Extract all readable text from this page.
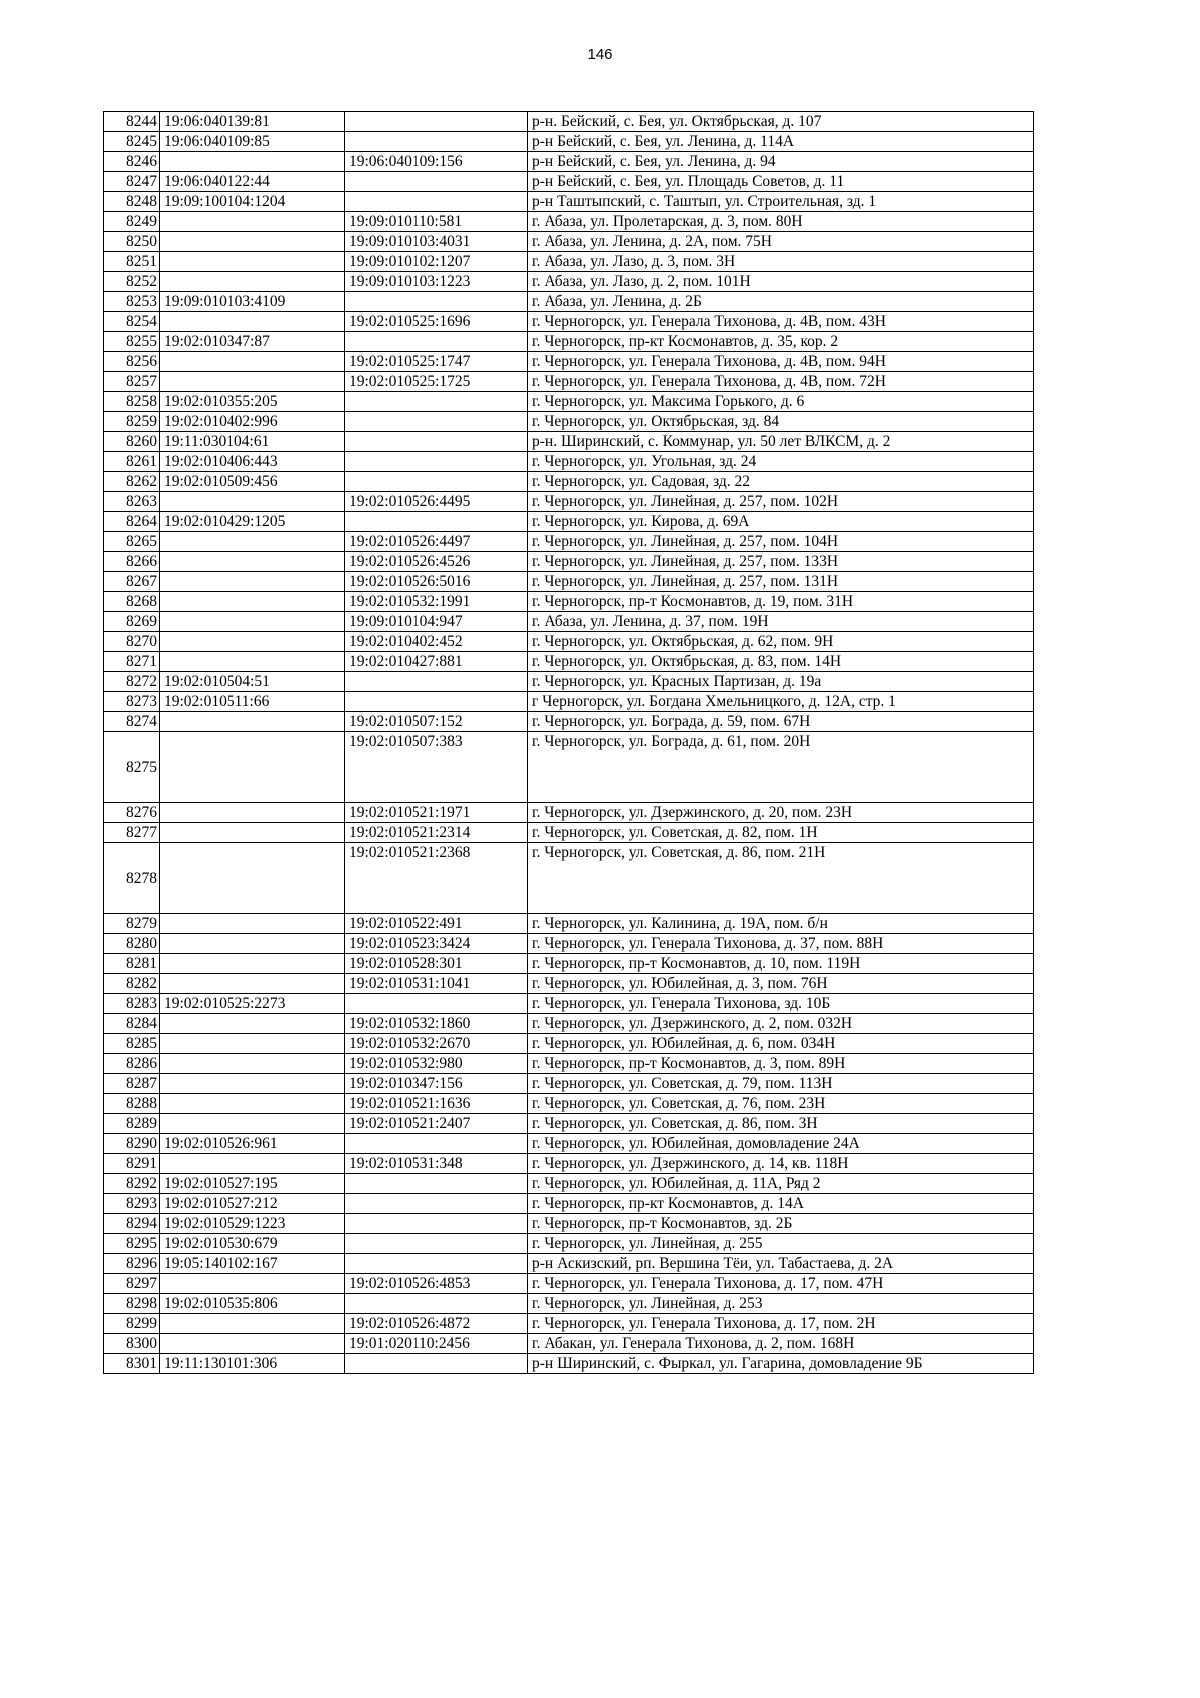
146
8244	19:06:040139:81		р-н. Бейский, с. Бея, ул. Октябрьская, д. 107
8245	19:06:040109:85		р-н Бейский, с. Бея, ул. Ленина, д. 114А
8246		19:06:040109:156	р-н Бейский, с. Бея, ул. Ленина, д. 94
8247	19:06:040122:44		р-н Бейский, с. Бея, ул. Площадь Советов, д. 11
8248	19:09:100104:1204		р-н Таштыпский, с. Таштып, ул. Строительная, зд. 1
8249		19:09:010110:581	г. Абаза, ул. Пролетарская, д. 3, пом. 80Н
8250		19:09:010103:4031	г. Абаза, ул. Ленина, д. 2А, пом. 75Н
8251		19:09:010102:1207	г. Абаза, ул. Лазо, д. 3, пом. 3Н
8252		19:09:010103:1223	г. Абаза, ул. Лазо, д. 2, пом. 101Н
8253	19:09:010103:4109		г. Абаза, ул. Ленина, д. 2Б
8254		19:02:010525:1696	г. Черногорск, ул. Генерала Тихонова, д. 4В, пом. 43Н
8255	19:02:010347:87		г. Черногорск, пр-кт Космонавтов, д. 35, кор. 2
8256		19:02:010525:1747	г. Черногорск, ул. Генерала Тихонова, д. 4В, пом. 94Н
8257		19:02:010525:1725	г. Черногорск, ул. Генерала Тихонова, д. 4В, пом. 72Н
8258	19:02:010355:205		г. Черногорск, ул. Максима Горького, д. 6
8259	19:02:010402:996		г. Черногорск, ул. Октябрьская, зд. 84
8260	19:11:030104:61		р-н. Ширинский, с. Коммунар, ул. 50 лет ВЛКСМ, д. 2
8261	19:02:010406:443		г. Черногорск, ул. Угольная, зд. 24
8262	19:02:010509:456		г. Черногорск, ул. Садовая, зд. 22
8263		19:02:010526:4495	г. Черногорск, ул. Линейная, д. 257, пом. 102Н
8264	19:02:010429:1205		г. Черногорск, ул. Кирова, д. 69А
8265		19:02:010526:4497	г. Черногорск, ул. Линейная, д. 257, пом. 104Н
8266		19:02:010526:4526	г. Черногорск, ул. Линейная, д. 257, пом. 133Н
8267		19:02:010526:5016	г. Черногорск, ул. Линейная, д. 257, пом. 131Н
8268		19:02:010532:1991	г. Черногорск, пр-т Космонавтов, д. 19, пом. 31Н
8269		19:09:010104:947	г. Абаза, ул. Ленина, д. 37, пом. 19Н
8270		19:02:010402:452	г. Черногорск, ул. Октябрьская, д. 62, пом. 9Н
8271		19:02:010427:881	г. Черногорск, ул. Октябрьская, д. 83, пом. 14Н
8272	19:02:010504:51		г. Черногорск, ул. Красных Партизан, д. 19а
8273	19:02:010511:66		г Черногорск, ул. Богдана Хмельницкого, д. 12А, стр. 1
8274		19:02:010507:152	г. Черногорск, ул. Бограда, д. 59, пом. 67Н
8275		19:02:010507:383	г. Черногорск, ул. Бограда, д. 61, пом. 20Н
8276		19:02:010521:1971	г. Черногорск, ул. Дзержинского, д. 20, пом. 23Н
8277		19:02:010521:2314	г. Черногорск, ул. Советская, д. 82, пом. 1Н
8278		19:02:010521:2368	г. Черногорск, ул. Советская, д. 86, пом. 21Н
8279		19:02:010522:491	г. Черногорск, ул. Калинина, д. 19А, пом. б/н
8280		19:02:010523:3424	г. Черногорск, ул. Генерала Тихонова, д. 37, пом. 88Н
8281		19:02:010528:301	г. Черногорск, пр-т Космонавтов, д. 10, пом. 119Н
8282		19:02:010531:1041	г. Черногорск, ул. Юбилейная, д. 3, пом. 76Н
8283	19:02:010525:2273		г. Черногорск, ул. Генерала Тихонова, зд. 10Б
8284		19:02:010532:1860	г. Черногорск, ул. Дзержинского, д. 2, пом. 032Н
8285		19:02:010532:2670	г. Черногорск, ул. Юбилейная, д. 6, пом. 034Н
8286		19:02:010532:980	г. Черногорск, пр-т Космонавтов, д. 3, пом. 89Н
8287		19:02:010347:156	г. Черногорск, ул. Советская, д. 79, пом. 113Н
8288		19:02:010521:1636	г. Черногорск, ул. Советская, д. 76, пом. 23Н
8289		19:02:010521:2407	г. Черногорск, ул. Советская, д. 86, пом. 3Н
8290	19:02:010526:961		г. Черногорск, ул. Юбилейная, домовладение 24А
8291		19:02:010531:348	г. Черногорск, ул. Дзержинского, д. 14, кв. 118Н
8292	19:02:010527:195		г. Черногорск, ул. Юбилейная, д. 11А, Ряд 2
8293	19:02:010527:212		г. Черногорск, пр-кт Космонавтов, д. 14А
8294	19:02:010529:1223		г. Черногорск, пр-т Космонавтов, зд. 2Б
8295	19:02:010530:679		г. Черногорск, ул. Линейная, д. 255
8296	19:05:140102:167		р-н Аскизский, рп. Вершина Тёи, ул. Табастаева, д. 2А
8297		19:02:010526:4853	г. Черногорск, ул. Генерала Тихонова, д. 17, пом. 47Н
8298	19:02:010535:806		г. Черногорск, ул. Линейная, д. 253
8299		19:02:010526:4872	г. Черногорск, ул. Генерала Тихонова, д. 17, пом. 2Н
8300		19:01:020110:2456	г. Абакан, ул. Генерала Тихонова, д. 2, пом. 168Н
8301	19:11:130101:306		р-н Ширинский, с. Фыркал, ул. Гагарина, домовладение 9Б
